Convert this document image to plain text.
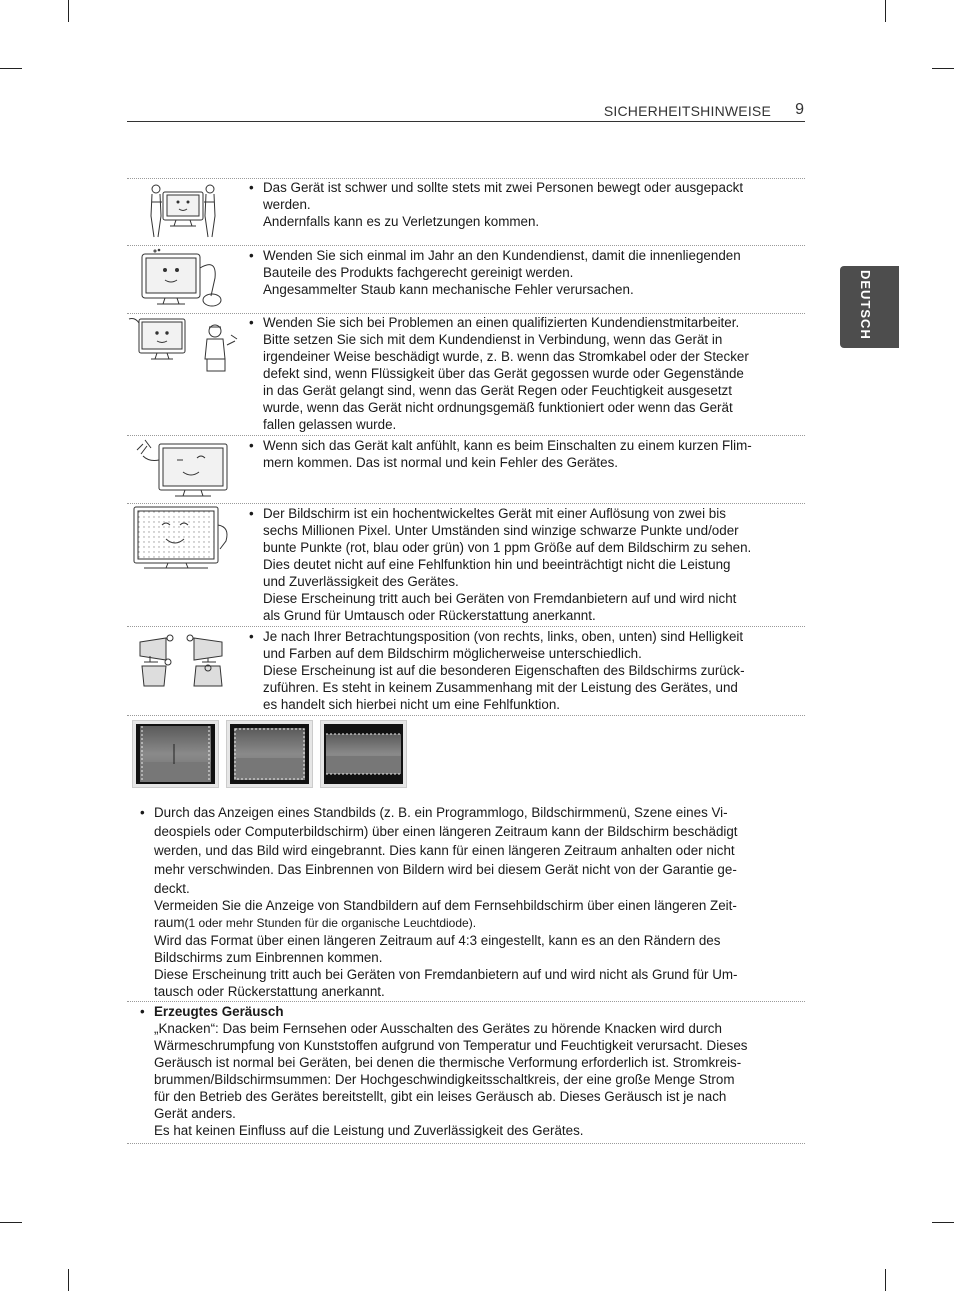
SICHERHEITSHINWEISE 9
DEUTSCH
• Das Gerät ist schwer und sollte stets mit zwei Personen bewegt oder ausgepackt

werden.

Andernfalls kann es zu Verletzungen kommen.

• Wenden Sie sich einmal im Jahr an den Kundendienst, damit die innenliegenden

Bauteile des Produkts fachgerecht gereinigt werden.

Angesammelter Staub kann mechanische Fehler verursachen.

• Wenden Sie sich bei Problemen an einen qualifizierten Kundendienstmitarbeiter.

Bitte setzen Sie sich mit dem Kundendienst in Verbindung, wenn das Gerät in

irgendeiner Weise beschädigt wurde, z. B. wenn das Stromkabel oder der Stecker

defekt sind, wenn Flüssigkeit über das Gerät gegossen wurde oder Gegenstände

in das Gerät gelangt sind, wenn das Gerät Regen oder Feuchtigkeit ausgesetzt

wurde, wenn das Gerät nicht ordnungsgemäß funktioniert oder wenn das Gerät

fallen gelassen wurde.

• Wenn sich das Gerät kalt anfühlt, kann es beim Einschalten zu einem kurzen Flim-

mern kommen. Das ist normal und kein Fehler des Gerätes.

• Der Bildschirm ist ein hochentwickeltes Gerät mit einer Auflösung von zwei bis

sechs Millionen Pixel. Unter Umständen sind winzige schwarze Punkte und/oder

bunte Punkte (rot, blau oder grün) von 1 ppm Größe auf dem Bildschirm zu sehen.

Dies deutet nicht auf eine Fehlfunktion hin und beeinträchtigt nicht die Leistung

und Zuverlässigkeit des Gerätes.

Diese Erscheinung tritt auch bei Geräten von Fremdanbietern auf und wird nicht

als Grund für Umtausch oder Rückerstattung anerkannt.

• Je nach Ihrer Betrachtungsposition (von rechts, links, oben, unten) sind Helligkeit

und Farben auf dem Bildschirm möglicherweise unterschiedlich.

Diese Erscheinung ist auf die besonderen Eigenschaften des Bildschirms zurück-

zuführen. Es steht in keinem Zusammenhang mit der Leistung des Gerätes, und

es handelt sich hierbei nicht um eine Fehlfunktion.

• Durch das Anzeigen eines Standbilds (z. B. ein Programmlogo, Bildschirmmenü, Szene eines Vi-

deospiels oder Computerbildschirm) über einen längeren Zeitraum kann der Bildschirm beschädigt

werden, und das Bild wird eingebrannt. Dies kann für einen längeren Zeitraum anhalten oder nicht

mehr verschwinden. Das Einbrennen von Bildern wird bei diesem Gerät nicht von der Garantie ge-

deckt.

Vermeiden Sie die Anzeige von Standbildern auf dem Fernsehbildschirm über einen längeren Zeit-

raum(1 oder mehr Stunden für die organische Leuchtdiode).

Wird das Format über einen längeren Zeitraum auf 4:3 eingestellt, kann es an den Rändern des

Bildschirms zum Einbrennen kommen.

Diese Erscheinung tritt auch bei Geräten von Fremdanbietern auf und wird nicht als Grund für Um-

tausch oder Rückerstattung anerkannt.

• Erzeugtes Geräusch

„Knacken“: Das beim Fernsehen oder Ausschalten des Gerätes zu hörende Knacken wird durch

Wärmeschrumpfung von Kunststoffen aufgrund von Temperatur und Feuchtigkeit verursacht. Dieses

Geräusch ist normal bei Geräten, bei denen die thermische Verformung erforderlich ist. Stromkreis-

brummen/Bildschirmsummen: Der Hochgeschwindigkeitsschaltkreis, der eine große Menge Strom

für den Betrieb des Gerätes bereitstellt, gibt ein leises Geräusch ab. Dieses Geräusch ist je nach

Gerät anders.

Es hat keinen Einfluss auf die Leistung und Zuverlässigkeit des Gerätes.
